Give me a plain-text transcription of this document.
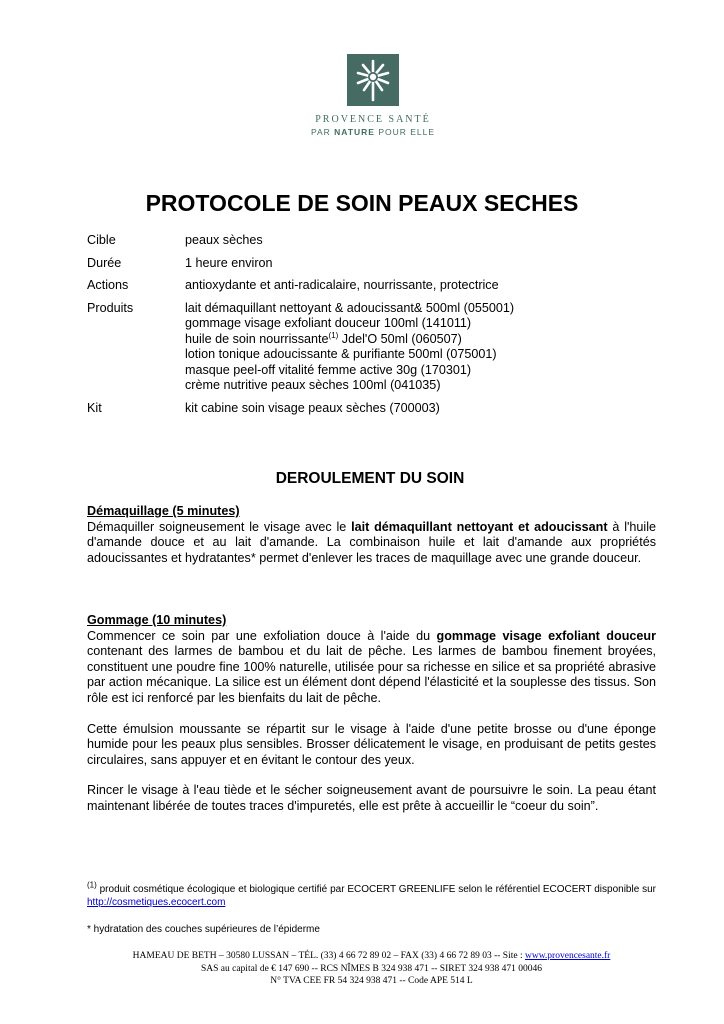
PROVENCE SANTÉ
PAR NATURE POUR ELLE
PROTOCOLE DE SOIN PEAUX SECHES
Cible	peaux sèches
Durée	1 heure environ
Actions	antioxydante et anti-radicalaire, nourrissante, protectrice
Produits	lait démaquillant nettoyant & adoucissant& 500ml (055001)
gommage visage exfoliant douceur 100ml (141011)
huile de soin nourrissante$^{(1)}$ Jdel'O 50ml (060507)
lotion tonique adoucissante & purifiante 500ml (075001)
masque peel-off vitalité femme active 30g (170301)
crème nutritive peaux sèches 100ml (041035)
Kit	kit cabine soin visage peaux sèches (700003)
DEROULEMENT DU SOIN
Démaquillage (5 minutes)

Démaquiller soigneusement le visage avec le lait démaquillant nettoyant et adoucissant à l'huile d'amande douce et au lait d'amande. La combinaison huile et lait d'amande aux propriétés adoucissantes et hydratantes* permet d'enlever les traces de maquillage avec une grande douceur.

Gommage (10 minutes)

Commencer ce soin par une exfoliation douce à l'aide du gommage visage exfoliant douceur contenant des larmes de bambou et du lait de pêche. Les larmes de bambou finement broyées, constituent une poudre fine 100% naturelle, utilisée pour sa richesse en silice et sa propriété abrasive par action mécanique. La silice est un élément dont dépend l'élasticité et la souplesse des tissus. Son rôle est ici renforcé par les bienfaits du lait de pêche.

Cette émulsion moussante se répartit sur le visage à l'aide d'une petite brosse ou d'une éponge humide pour les peaux plus sensibles. Brosser délicatement le visage, en produisant de petits gestes circulaires, sans appuyer et en évitant le contour des yeux.

Rincer le visage à l'eau tiède et le sécher soigneusement avant de poursuivre le soin. La peau étant maintenant libérée de toutes traces d'impuretés, elle est prête à accueillir le “coeur du soin”.

$^{(1)}$ produit cosmétique écologique et biologique certifié par ECOCERT GREENLIFE selon le référentiel ECOCERT disponible sur http://cosmetiques.ecocert.com
* hydratation des couches supérieures de l’épiderme
HAMEAU DE BETH – 30580 LUSSAN – TÉL. (33) 4 66 72 89 02 – FAX (33) 4 66 72 89 03 -- Site : www.provencesante.fr
SAS au capital de € 147 690 -- RCS NÎMES B 324 938 471 -- SIRET 324 938 471 00046
N° TVA CEE FR 54 324 938 471 -- Code APE 514 L
